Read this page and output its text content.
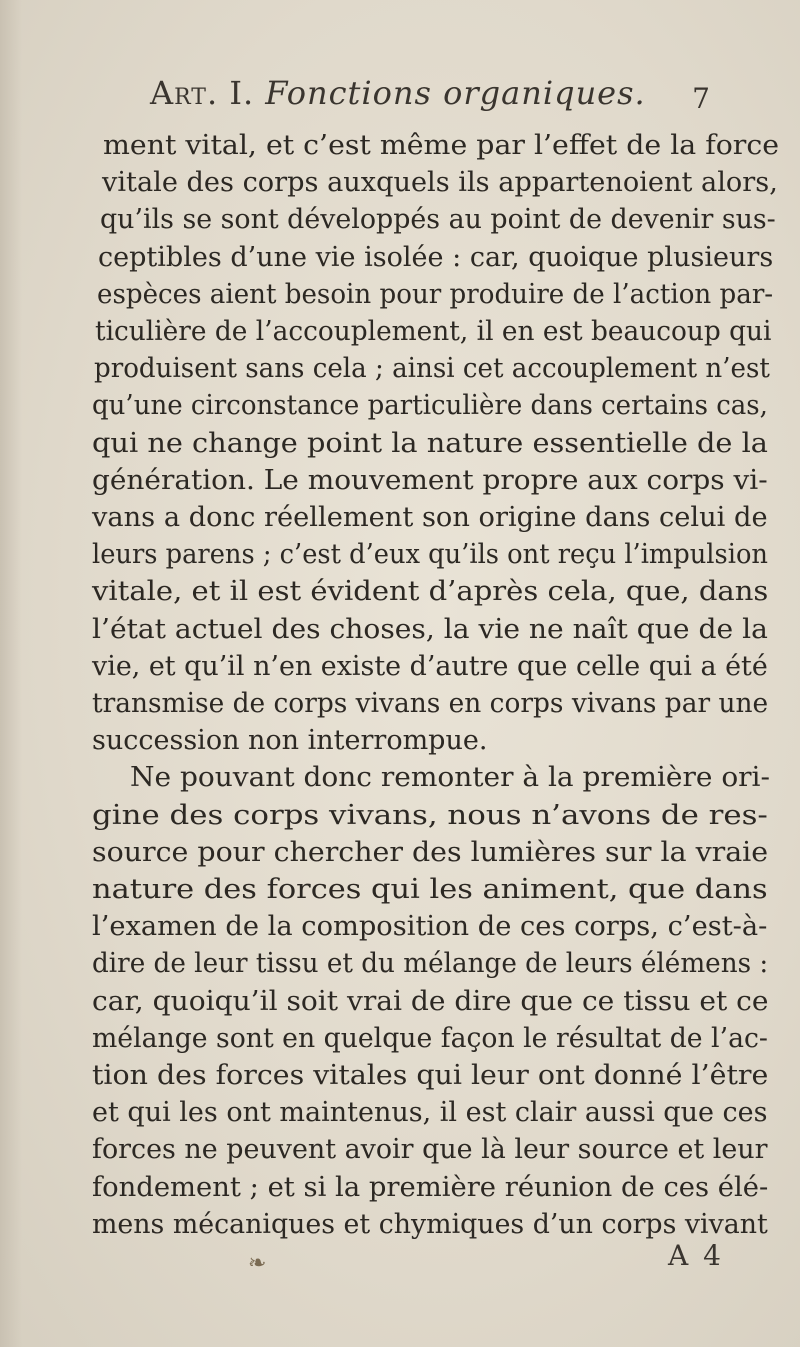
Art. I. Fonctions organiques. 7
ment vital, et c’est même par l’effet de la force
vitale des corps auxquels ils appartenoient alors,
qu’ils se sont développés au point de devenir sus-
ceptibles d’une vie isolée : car, quoique plusieurs
espèces aient besoin pour produire de l’action par-
ticulière de l’accouplement, il en est beaucoup qui
produisent sans cela ; ainsi cet accouplement n’est
qu’une circonstance particulière dans certains cas,
qui ne change point la nature essentielle de la
génération. Le mouvement propre aux corps vi-
vans a donc réellement son origine dans celui de
leurs parens ; c’est d’eux qu’ils ont reçu l’impulsion
vitale, et il est évident d’après cela, que, dans
l’état actuel des choses, la vie ne naît que de la
vie, et qu’il n’en existe d’autre que celle qui a été
transmise de corps vivans en corps vivans par une
succession non interrompue.
Ne pouvant donc remonter à la première ori-
gine des corps vivans, nous n’avons de res-
source pour chercher des lumières sur la vraie
nature des forces qui les animent, que dans
l’examen de la composition de ces corps, c’est-à-
dire de leur tissu et du mélange de leurs élémens :
car, quoiqu’il soit vrai de dire que ce tissu et ce
mélange sont en quelque façon le résultat de l’ac-
tion des forces vitales qui leur ont donné l’être
et qui les ont maintenus, il est clair aussi que ces
forces ne peuvent avoir que là leur source et leur
fondement ; et si la première réunion de ces élé-
mens mécaniques et chymiques d’un corps vivant
A 4
❧
